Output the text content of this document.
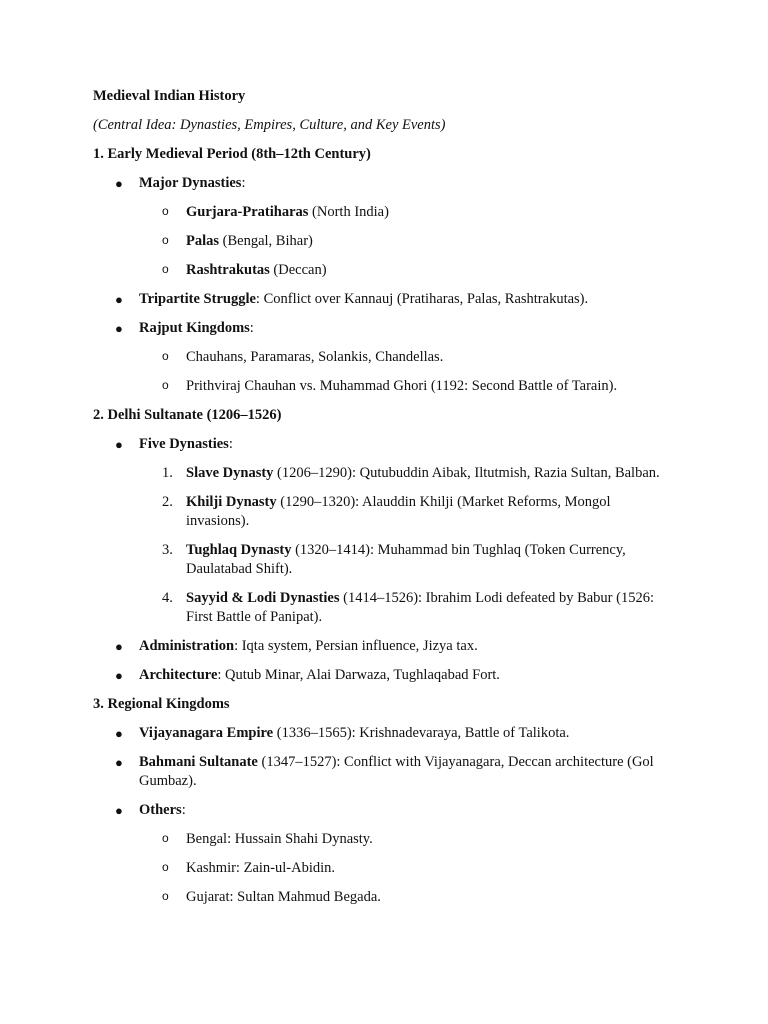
Medieval Indian History

(Central Idea: Dynasties, Empires, Culture, and Key Events)

1. Early Medieval Period (8th–12th Century)

● Major Dynasties:
o Gurjara-Pratiharas (North India)
o Palas (Bengal, Bihar)
o Rashtrakutas (Deccan)
● Tripartite Struggle: Conflict over Kannauj (Pratiharas, Palas, Rashtrakutas).
● Rajput Kingdoms:
o Chauhans, Paramaras, Solankis, Chandellas.
o Prithviraj Chauhan vs. Muhammad Ghori (1192: Second Battle of Tarain).

2. Delhi Sultanate (1206–1526)

● Five Dynasties:
1. Slave Dynasty (1206–1290): Qutubuddin Aibak, Iltutmish, Razia Sultan, Balban.
2. Khilji Dynasty (1290–1320): Alauddin Khilji (Market Reforms, Mongol invasions).
3. Tughlaq Dynasty (1320–1414): Muhammad bin Tughlaq (Token Currency, Daulatabad Shift).
4. Sayyid & Lodi Dynasties (1414–1526): Ibrahim Lodi defeated by Babur (1526: First Battle of Panipat).
● Administration: Iqta system, Persian influence, Jizya tax.
● Architecture: Qutub Minar, Alai Darwaza, Tughlaqabad Fort.

3. Regional Kingdoms

● Vijayanagara Empire (1336–1565): Krishnadevaraya, Battle of Talikota.
● Bahmani Sultanate (1347–1527): Conflict with Vijayanagara, Deccan architecture (Gol Gumbaz).
● Others:
o Bengal: Hussain Shahi Dynasty.
o Kashmir: Zain-ul-Abidin.
o Gujarat: Sultan Mahmud Begada.
